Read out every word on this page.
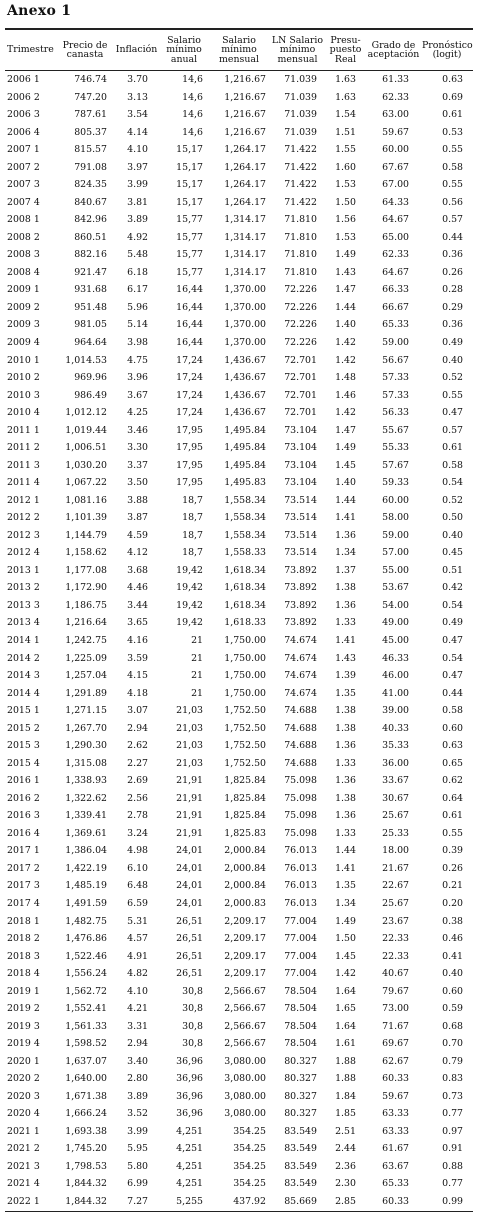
Anexo 1

Trimestre	Precio de canasta	Inflación	Salario mínimo anual	Salario mínimo mensual	LN Salario mínimo mensual	Presu-puesto Real	Grado de aceptación	Pronóstico (logit)
2006 1	746.74	3.70	14,6	1,216.67	71.039	1.63	61.33	0.63
2006 2	747.20	3.13	14,6	1,216.67	71.039	1.63	62.33	0.69
2006 3	787.61	3.54	14,6	1,216.67	71.039	1.54	63.00	0.61
2006 4	805.37	4.14	14,6	1,216.67	71.039	1.51	59.67	0.53
2007 1	815.57	4.10	15,17	1,264.17	71.422	1.55	60.00	0.55
2007 2	791.08	3.97	15,17	1,264.17	71.422	1.60	67.67	0.58
2007 3	824.35	3.99	15,17	1,264.17	71.422	1.53	67.00	0.55
2007 4	840.67	3.81	15,17	1,264.17	71.422	1.50	64.33	0.56
2008 1	842.96	3.89	15,77	1,314.17	71.810	1.56	64.67	0.57
2008 2	860.51	4.92	15,77	1,314.17	71.810	1.53	65.00	0.44
2008 3	882.16	5.48	15,77	1,314.17	71.810	1.49	62.33	0.36
2008 4	921.47	6.18	15,77	1,314.17	71.810	1.43	64.67	0.26
2009 1	931.68	6.17	16,44	1,370.00	72.226	1.47	66.33	0.28
2009 2	951.48	5.96	16,44	1,370.00	72.226	1.44	66.67	0.29
2009 3	981.05	5.14	16,44	1,370.00	72.226	1.40	65.33	0.36
2009 4	964.64	3.98	16,44	1,370.00	72.226	1.42	59.00	0.49
2010 1	1,014.53	4.75	17,24	1,436.67	72.701	1.42	56.67	0.40
2010 2	969.96	3.96	17,24	1,436.67	72.701	1.48	57.33	0.52
2010 3	986.49	3.67	17,24	1,436.67	72.701	1.46	57.33	0.55
2010 4	1,012.12	4.25	17,24	1,436.67	72.701	1.42	56.33	0.47
2011 1	1,019.44	3.46	17,95	1,495.84	73.104	1.47	55.67	0.57
2011 2	1,006.51	3.30	17,95	1,495.84	73.104	1.49	55.33	0.61
2011 3	1,030.20	3.37	17,95	1,495.84	73.104	1.45	57.67	0.58
2011 4	1,067.22	3.50	17,95	1,495.83	73.104	1.40	59.33	0.54
2012 1	1,081.16	3.88	18,7	1,558.34	73.514	1.44	60.00	0.52
2012 2	1,101.39	3.87	18,7	1,558.34	73.514	1.41	58.00	0.50
2012 3	1,144.79	4.59	18,7	1,558.34	73.514	1.36	59.00	0.40
2012 4	1,158.62	4.12	18,7	1,558.33	73.514	1.34	57.00	0.45
2013 1	1,177.08	3.68	19,42	1,618.34	73.892	1.37	55.00	0.51
2013 2	1,172.90	4.46	19,42	1,618.34	73.892	1.38	53.67	0.42
2013 3	1,186.75	3.44	19,42	1,618.34	73.892	1.36	54.00	0.54
2013 4	1,216.64	3.65	19,42	1,618.33	73.892	1.33	49.00	0.49
2014 1	1,242.75	4.16	21	1,750.00	74.674	1.41	45.00	0.47
2014 2	1,225.09	3.59	21	1,750.00	74.674	1.43	46.33	0.54
2014 3	1,257.04	4.15	21	1,750.00	74.674	1.39	46.00	0.47
2014 4	1,291.89	4.18	21	1,750.00	74.674	1.35	41.00	0.44
2015 1	1,271.15	3.07	21,03	1,752.50	74.688	1.38	39.00	0.58
2015 2	1,267.70	2.94	21,03	1,752.50	74.688	1.38	40.33	0.60
2015 3	1,290.30	2.62	21,03	1,752.50	74.688	1.36	35.33	0.63
2015 4	1,315.08	2.27	21,03	1,752.50	74.688	1.33	36.00	0.65
2016 1	1,338.93	2.69	21,91	1,825.84	75.098	1.36	33.67	0.62
2016 2	1,322.62	2.56	21,91	1,825.84	75.098	1.38	30.67	0.64
2016 3	1,339.41	2.78	21,91	1,825.84	75.098	1.36	25.67	0.61
2016 4	1,369.61	3.24	21,91	1,825.83	75.098	1.33	25.33	0.55
2017 1	1,386.04	4.98	24,01	2,000.84	76.013	1.44	18.00	0.39
2017 2	1,422.19	6.10	24,01	2,000.84	76.013	1.41	21.67	0.26
2017 3	1,485.19	6.48	24,01	2,000.84	76.013	1.35	22.67	0.21
2017 4	1,491.59	6.59	24,01	2,000.83	76.013	1.34	25.67	0.20
2018 1	1,482.75	5.31	26,51	2,209.17	77.004	1.49	23.67	0.38
2018 2	1,476.86	4.57	26,51	2,209.17	77.004	1.50	22.33	0.46
2018 3	1,522.46	4.91	26,51	2,209.17	77.004	1.45	22.33	0.41
2018 4	1,556.24	4.82	26,51	2,209.17	77.004	1.42	40.67	0.40
2019 1	1,562.72	4.10	30,8	2,566.67	78.504	1.64	79.67	0.60
2019 2	1,552.41	4.21	30,8	2,566.67	78.504	1.65	73.00	0.59
2019 3	1,561.33	3.31	30,8	2,566.67	78.504	1.64	71.67	0.68
2019 4	1,598.52	2.94	30,8	2,566.67	78.504	1.61	69.67	0.70
2020 1	1,637.07	3.40	36,96	3,080.00	80.327	1.88	62.67	0.79
2020 2	1,640.00	2.80	36,96	3,080.00	80.327	1.88	60.33	0.83
2020 3	1,671.38	3.89	36,96	3,080.00	80.327	1.84	59.67	0.73
2020 4	1,666.24	3.52	36,96	3,080.00	80.327	1.85	63.33	0.77
2021 1	1,693.38	3.99	4,251	354.25	83.549	2.51	63.33	0.97
2021 2	1,745.20	5.95	4,251	354.25	83.549	2.44	61.67	0.91
2021 3	1,798.53	5.80	4,251	354.25	83.549	2.36	63.67	0.88
2021 4	1,844.32	6.99	4,251	354.25	83.549	2.30	65.33	0.77
2022 1	1,844.32	7.27	5,255	437.92	85.669	2.85	60.33	0.99
